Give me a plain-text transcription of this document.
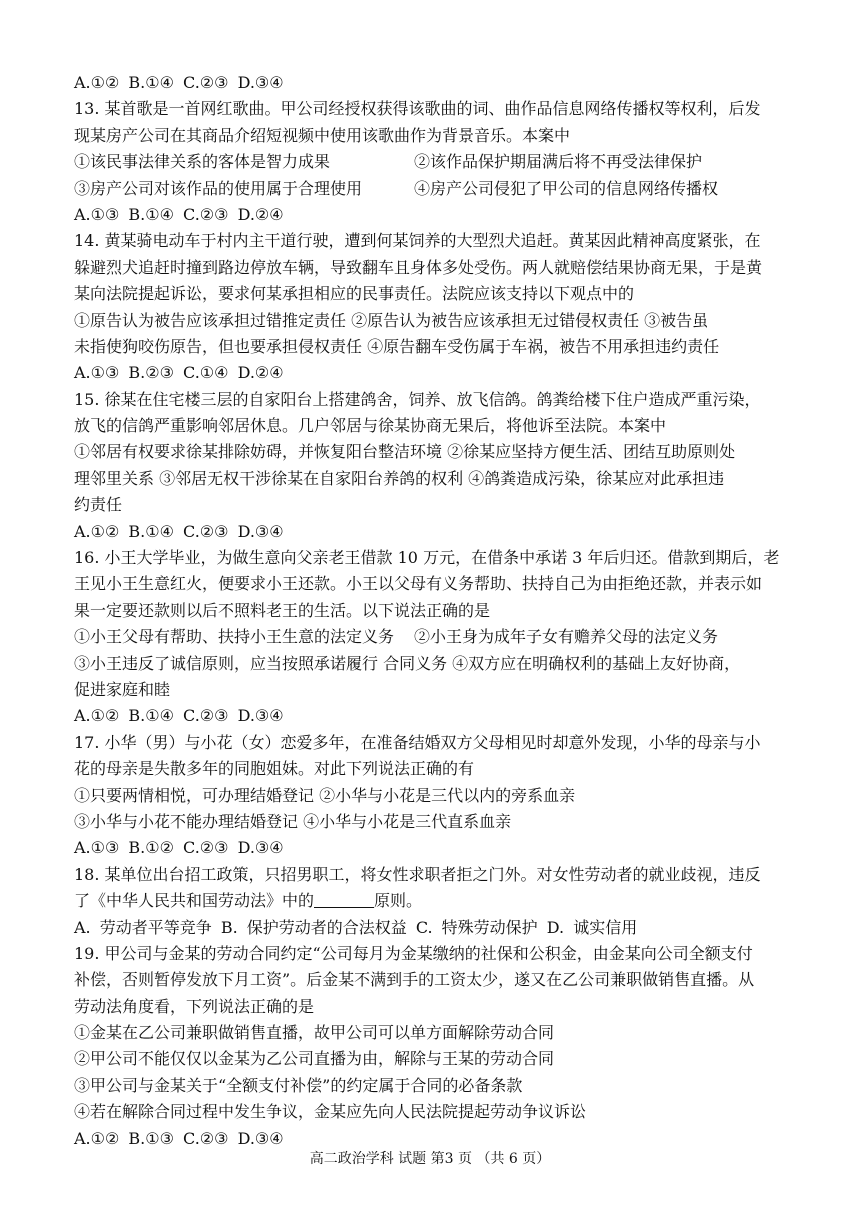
A.①② B.①④ C.②③ D.③④
13. 某首歌是一首网红歌曲。甲公司经授权获得该歌曲的词、曲作品信息网络传播权等权利，后发
现某房产公司在其商品介绍短视频中使用该歌曲作为背景音乐。本案中
①该民事法律关系的客体是智力成果	②该作品保护期届满后将不再受法律保护
③房产公司对该作品的使用属于合理使用	④房产公司侵犯了甲公司的信息网络传播权
A.①③ B.①④ C.②③ D.②④
14. 黄某骑电动车于村内主干道行驶，遭到何某饲养的大型烈犬追赶。黄某因此精神高度紧张，在
躲避烈犬追赶时撞到路边停放车辆，导致翻车且身体多处受伤。两人就赔偿结果协商无果，于是黄
某向法院提起诉讼，要求何某承担相应的民事责任。法院应该支持以下观点中的
①原告认为被告应该承担过错推定责任 ②原告认为被告应该承担无过错侵权责任 ③被告虽
未指使狗咬伤原告，但也要承担侵权责任 ④原告翻车受伤属于车祸，被告不用承担违约责任
A.①③ B.②③ C.①④ D.②④
15. 徐某在住宅楼三层的自家阳台上搭建鸽舍，饲养、放飞信鸽。鸽粪给楼下住户造成严重污染，
放飞的信鸽严重影响邻居休息。几户邻居与徐某协商无果后，将他诉至法院。本案中
①邻居有权要求徐某排除妨碍，并恢复阳台整洁环境 ②徐某应坚持方便生活、团结互助原则处
理邻里关系 ③邻居无权干涉徐某在自家阳台养鸽的权利 ④鸽粪造成污染，徐某应对此承担违
约责任
A.①② B.①④ C.②③ D.③④
16. 小王大学毕业，为做生意向父亲老王借款 10 万元，在借条中承诺 3 年后归还。借款到期后，老
王见小王生意红火，便要求小王还款。小王以父母有义务帮助、扶持自己为由拒绝还款，并表示如
果一定要还款则以后不照料老王的生活。以下说法正确的是
①小王父母有帮助、扶持小王生意的法定义务	②小王身为成年子女有赡养父母的法定义务
③小王违反了诚信原则，应当按照承诺履行 合同义务 ④双方应在明确权利的基础上友好协商，
促进家庭和睦
A.①② B.①④ C.②③ D.③④
17. 小华（男）与小花（女）恋爱多年，在准备结婚双方父母相见时却意外发现，小华的母亲与小
花的母亲是失散多年的同胞姐妹。对此下列说法正确的有
①只要两情相悦，可办理结婚登记 ②小华与小花是三代以内的旁系血亲
③小华与小花不能办理结婚登记 ④小华与小花是三代直系血亲
A.①③ B.①② C.②③ D.③④
18. 某单位出台招工政策，只招男职工，将女性求职者拒之门外。对女性劳动者的就业歧视，违反
了《中华人民共和国劳动法》中的	原则。
A. 劳动者平等竞争 B. 保护劳动者的合法权益 C. 特殊劳动保护 D. 诚实信用
19. 甲公司与金某的劳动合同约定“公司每月为金某缴纳的社保和公积金，由金某向公司全额支付
补偿，否则暂停发放下月工资”。后金某不满到手的工资太少，遂又在乙公司兼职做销售直播。从
劳动法角度看，下列说法正确的是
①金某在乙公司兼职做销售直播，故甲公司可以单方面解除劳动合同
②甲公司不能仅仅以金某为乙公司直播为由，解除与王某的劳动合同
③甲公司与金某关于“全额支付补偿”的约定属于合同的必备条款
④若在解除合同过程中发生争议，金某应先向人民法院提起劳动争议诉讼
A.①② B.①③ C.②③ D.③④
高二政治学科 试题 第3 页 （共 6 页）
